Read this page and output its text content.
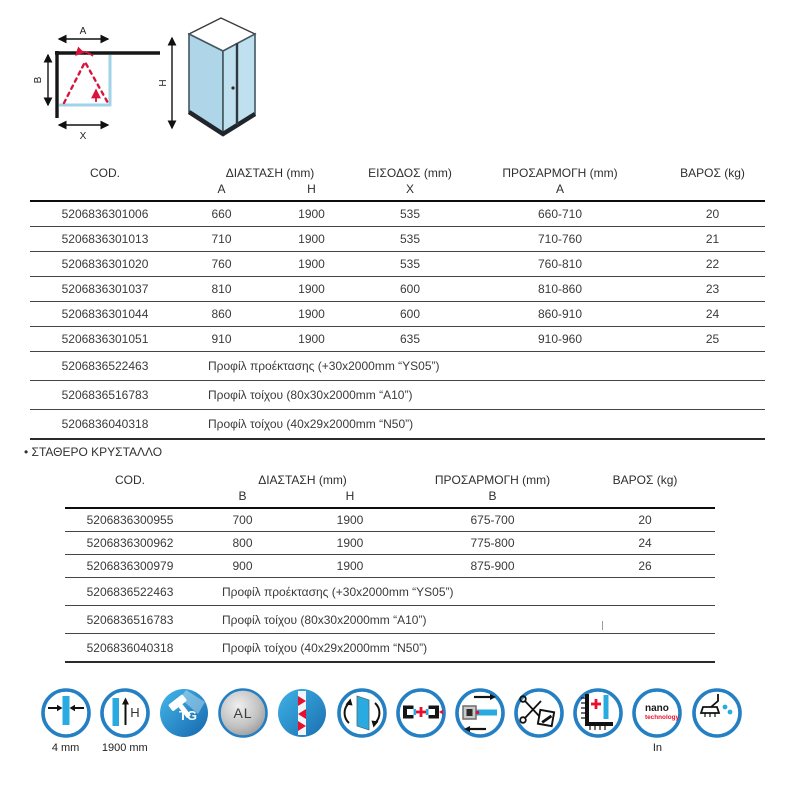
A
B
X
H
COD.	ΔΙΑΣΤΑΣΗ (mm)		ΕΙΣΟΔΟΣ (mm)	ΠΡΟΣΑΡΜΟΓΗ (mm)	ΒΑΡΟΣ (kg)
	A	H	X	A	
5206836301006	660	1900	535	660-710	20
5206836301013	710	1900	535	710-760	21
5206836301020	760	1900	535	760-810	22
5206836301037	810	1900	600	810-860	23
5206836301044	860	1900	600	860-910	24
5206836301051	910	1900	635	910-960	25
5206836522463	Προφίλ προέκτασης (+30x2000mm “YS05”)				
5206836516783	Προφίλ τοίχου (80x30x2000mm “A10”)				
5206836040318	Προφίλ τοίχου (40x29x2000mm “N50”)				
• ΣΤΑΘΕΡΟ ΚΡΥΣΤΑΛΛΟ
COD.	ΔΙΑΣΤΑΣΗ (mm)		ΠΡΟΣΑΡΜΟΓΗ (mm)	ΒΑΡΟΣ (kg)
	B	H	B	
5206836300955	700	1900	675-700	20
5206836300962	800	1900	775-800	24
5206836300979	900	1900	875-900	26
5206836522463	Προφίλ προέκτασης (+30x2000mm “YS05”)			
5206836516783	Προφίλ τοίχου (80x30x2000mm “A10”)			
5206836040318	Προφίλ τοίχου (40x29x2000mm “N50”)			
4 mm
H
1900 mm
TG	AL	nano
technology
In
